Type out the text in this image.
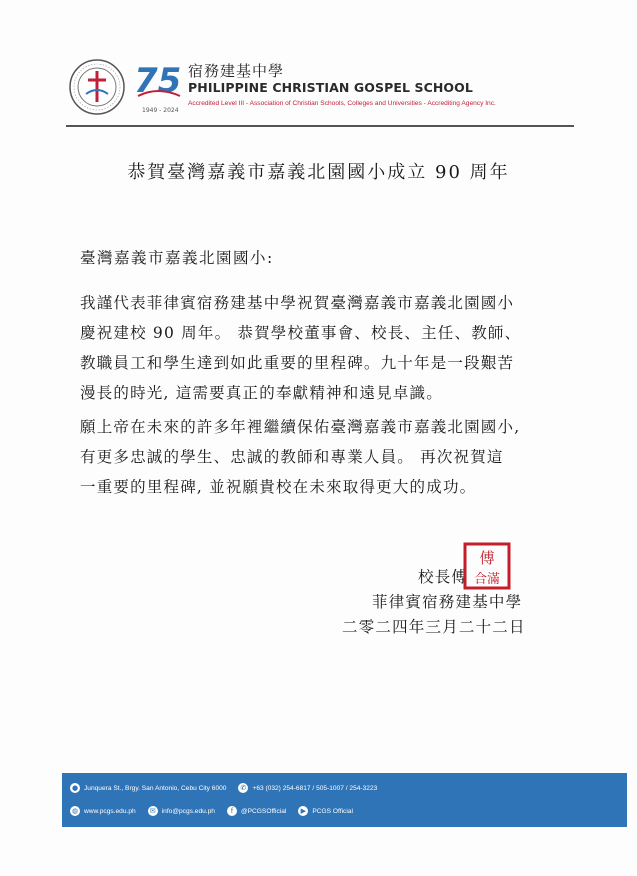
75
1949 - 2024
宿務建基中學
PHILIPPINE CHRISTIAN GOSPEL SCHOOL
Accredited Level III - Association of Christian Schools, Colleges and Universities - Accrediting Agency Inc.
恭賀臺灣嘉義市嘉義北園國小成立 90 周年
臺灣嘉義市嘉義北園國小:
我謹代表菲律賓宿務建基中學祝賀臺灣嘉義市嘉義北園國小
慶祝建校 90 周年。 恭賀學校董事會、校長、主任、教師、
教職員工和學生達到如此重要的里程碑。九十年是一段艱苦
漫長的時光, 這需要真正的奉獻精神和遠見卓識。
願上帝在未來的許多年裡繼續保佑臺灣嘉義市嘉義北園國小,
有更多忠誠的學生、忠誠的教師和專業人員。 再次祝賀這
一重要的里程碑, 並祝願貴校在未來取得更大的成功。
校長傅
傅
合滿
菲律賓宿務建基中學
二零二四年三月二十二日
● Junquera St., Brgy. San Antonio, Cebu City 6000 ✆ +63 (032) 254-6817 / 505-1007 / 254-3223
◍ www.pcgs.edu.ph ✉ info@pcgs.edu.ph	f	@PCGSOfficial	▶ PCGS Official
